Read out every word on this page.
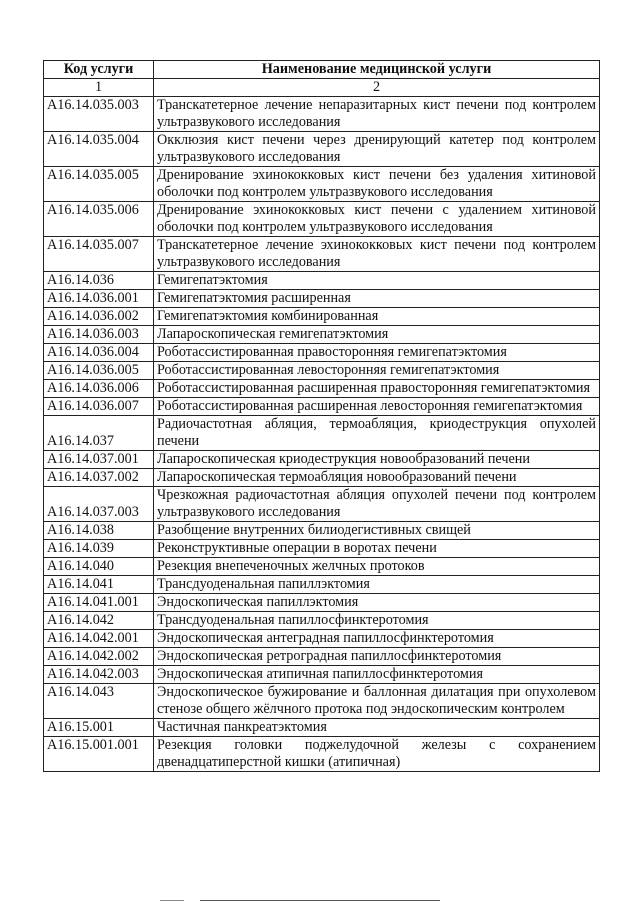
Код услуги	Наименование медицинской услуги
1	2
A16.14.035.003	Транскатетерное лечение непаразитарных кист печени под контролем ультразвукового исследования
A16.14.035.004	Окклюзия кист печени через дренирующий катетер под контролем ультразвукового исследования
A16.14.035.005	Дренирование эхинококковых кист печени без удаления хитиновой оболочки под контролем ультразвукового исследования
A16.14.035.006	Дренирование эхинококковых кист печени с удалением хитиновой оболочки под контролем ультразвукового исследования
A16.14.035.007	Транскатетерное лечение эхинококковых кист печени под контролем ультразвукового исследования
A16.14.036	Гемигепатэктомия
A16.14.036.001	Гемигепатэктомия расширенная
A16.14.036.002	Гемигепатэктомия комбинированная
A16.14.036.003	Лапароскопическая гемигепатэктомия
A16.14.036.004	Роботассистированная правосторонняя гемигепатэктомия
A16.14.036.005	Роботассистированная левосторонняя гемигепатэктомия
A16.14.036.006	Роботассистированная расширенная правосторонняя гемигепатэктомия
A16.14.036.007	Роботассистированная расширенная левосторонняя гемигепатэктомия
A16.14.037	Радиочастотная абляция, термоабляция, криодеструкция опухолей печени
A16.14.037.001	Лапароскопическая криодеструкция новообразований печени
A16.14.037.002	Лапароскопическая термоабляция новообразований печени
A16.14.037.003	Чрезкожная радиочастотная абляция опухолей печени под контролем ультразвукового исследования
A16.14.038	Разобщение внутренних билиодегистивных свищей
A16.14.039	Реконструктивные операции в воротах печени
A16.14.040	Резекция внепеченочных желчных протоков
A16.14.041	Трансдуоденальная папиллэктомия
A16.14.041.001	Эндоскопическая папиллэктомия
A16.14.042	Трансдуоденальная папиллосфинктеротомия
A16.14.042.001	Эндоскопическая антеградная папиллосфинктеротомия
A16.14.042.002	Эндоскопическая ретроградная папиллосфинктеротомия
A16.14.042.003	Эндоскопическая атипичная папиллосфинктеротомия
A16.14.043	Эндоскопическое бужирование и баллонная дилатация при опухолевом стенозе общего жёлчного протока под эндоскопическим контролем
A16.15.001	Частичная панкреатэктомия
A16.15.001.001	Резекция головки поджелудочной железы с сохранением двенадцатиперстной кишки (атипичная)
